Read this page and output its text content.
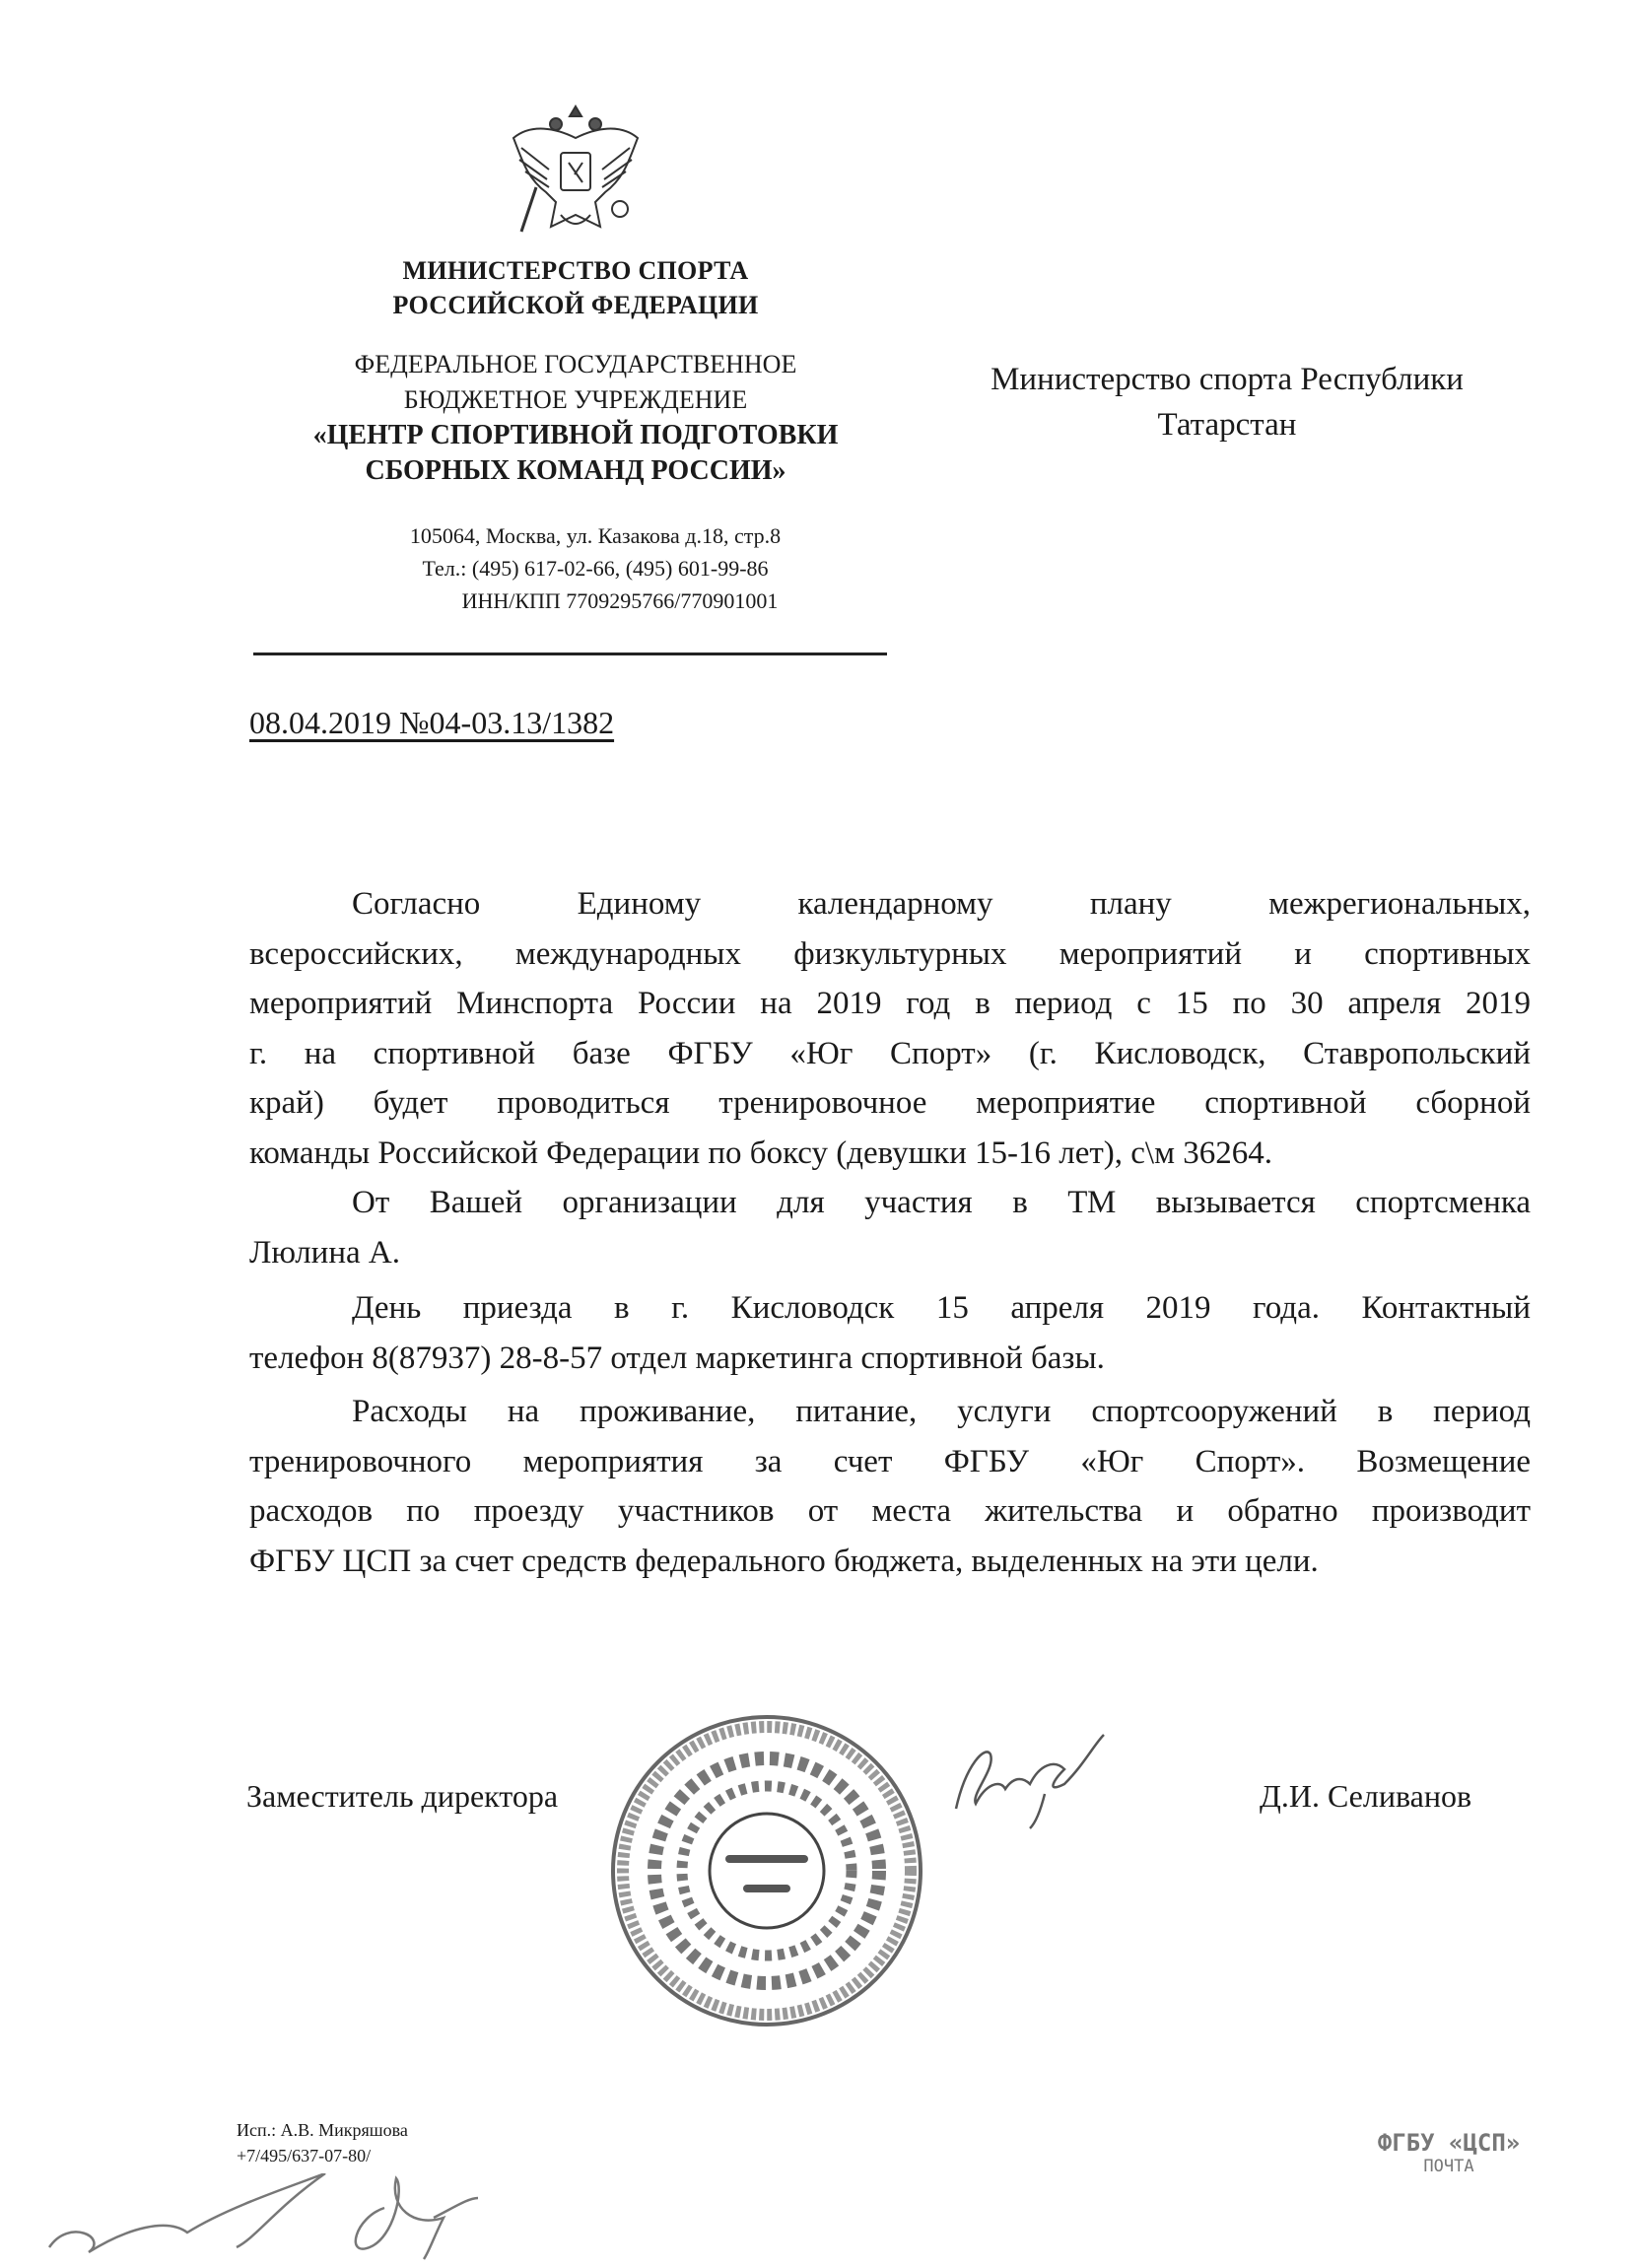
МИНИСТЕРСТВО СПОРТА
РОССИЙСКОЙ ФЕДЕРАЦИИ
ФЕДЕРАЛЬНОЕ ГОСУДАРСТВЕННОЕ
БЮДЖЕТНОЕ УЧРЕЖДЕНИЕ
«ЦЕНТР СПОРТИВНОЙ ПОДГОТОВКИ
СБОРНЫХ КОМАНД РОССИИ»
105064, Москва, ул. Казакова д.18, стр.8
Тел.: (495) 617-02-66, (495) 601-99-86
ИНН/КПП 7709295766/770901001
08.04.2019 №04-03.13/1382
Министерство спорта Республики
Татарстан
Согласно Единому календарному плану межрегиональных,
всероссийских, международных физкультурных мероприятий и спортивных
мероприятий Минспорта России на 2019 год в период с 15 по 30 апреля 2019
г. на спортивной базе ФГБУ «Юг Спорт» (г. Кисловодск, Ставропольский
край) будет проводиться тренировочное мероприятие спортивной сборной
команды Российской Федерации по боксу (девушки 15-16 лет), с\м 36264.
От Вашей организации для участия в ТМ вызывается спортсменка
Люлина А.
День приезда в г. Кисловодск 15 апреля 2019 года. Контактный
телефон 8(87937) 28-8-57 отдел маркетинга спортивной базы.
Расходы на проживание, питание, услуги спортсооружений в период
тренировочного мероприятия за счет ФГБУ «Юг Спорт». Возмещение
расходов по проезду участников от места жительства и обратно производит
ФГБУ ЦСП за счет средств федерального бюджета, выделенных на эти цели.
Заместитель директора	Д.И. Селиванов
Исп.: А.В. Микряшова
+7/495/637-07-80/	ФГБУ «ЦСП»
ПОЧТА
